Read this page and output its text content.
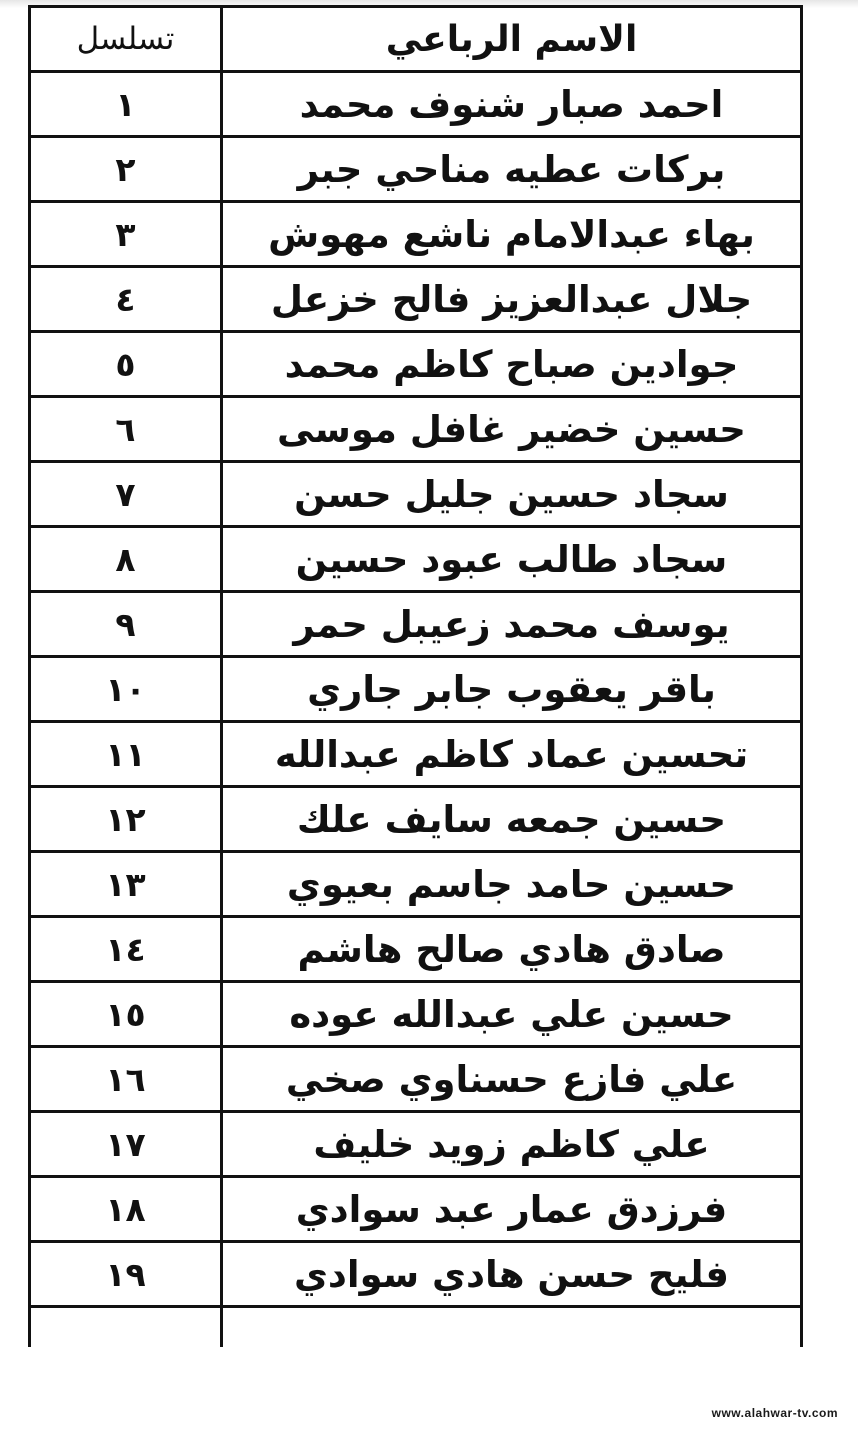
الاسم الرباعي	تسلسل
احمد صبار شنوف محمد	١
بركات عطيه مناحي جبر	٢
بهاء عبدالامام ناشع مهوش	٣
جلال عبدالعزيز فالح خزعل	٤
جوادين صباح كاظم محمد	٥
حسين خضير غافل موسى	٦
سجاد حسين جليل حسن	٧
سجاد طالب عبود حسين	٨
يوسف محمد زعيبل حمر	٩
باقر يعقوب جابر جاري	١٠
تحسين عماد كاظم عبدالله	١١
حسين جمعه سايف علك	١٢
حسين حامد جاسم بعيوي	١٣
صادق هادي صالح هاشم	١٤
حسين علي عبدالله عوده	١٥
علي فازع حسناوي صخي	١٦
علي كاظم زويد خليف	١٧
فرزدق عمار عبد سوادي	١٨
فليح حسن هادي سوادي	١٩

www.alahwar-tv.com
